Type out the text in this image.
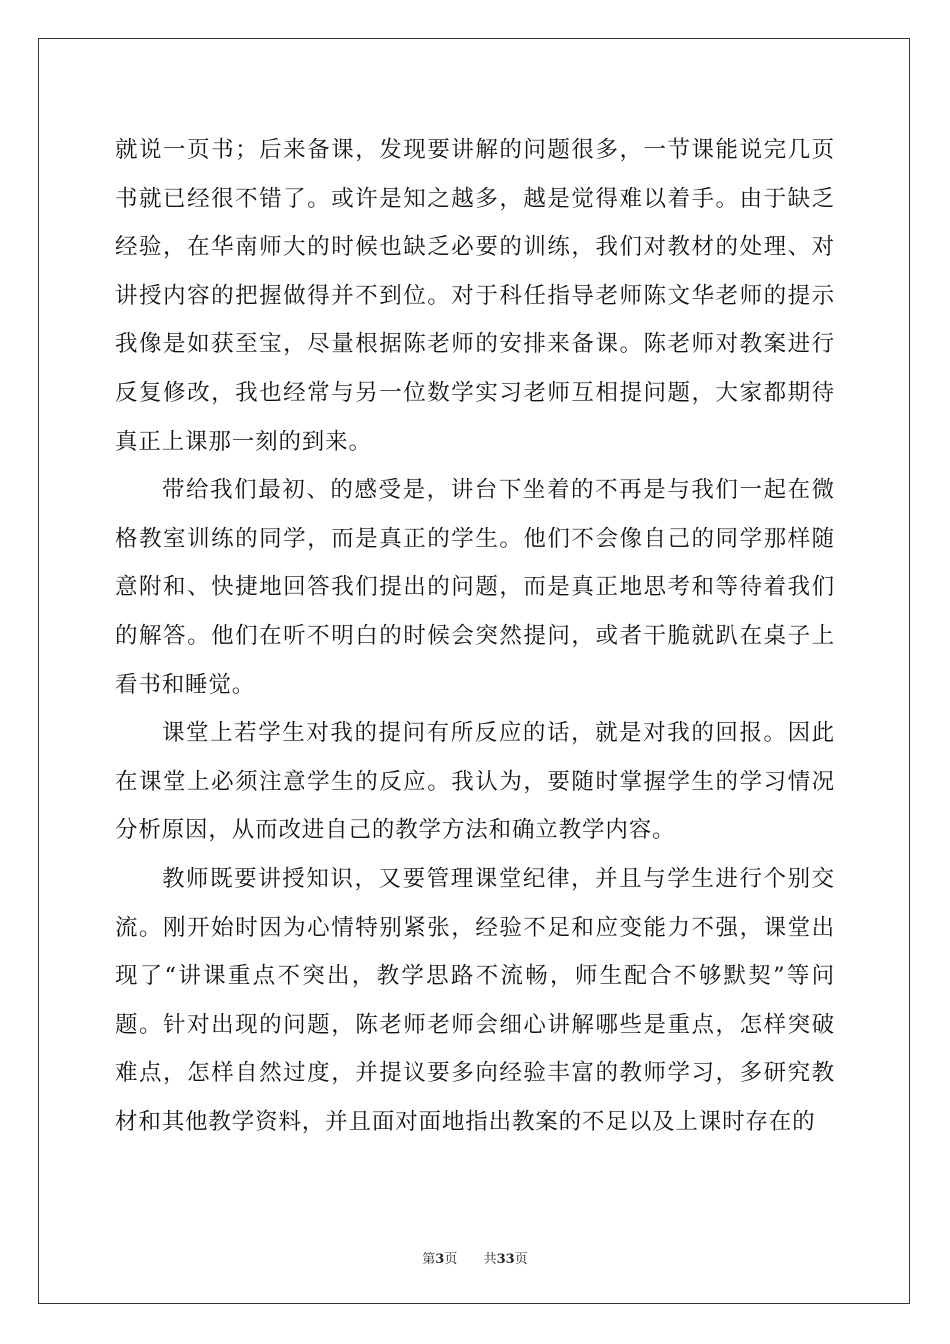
就说一页书；后来备课，发现要讲解的问题很多，一节课能说完几页书就已经很不错了。或许是知之越多，越是觉得难以着手。由于缺乏经验，在华南师大的时候也缺乏必要的训练，我们对教材的处理、对讲授内容的把握做得并不到位。对于科任指导老师陈文华老师的提示我像是如获至宝，尽量根据陈老师的安排来备课。陈老师对教案进行反复修改，我也经常与另一位数学实习老师互相提问题，大家都期待真正上课那一刻的到来。

带给我们最初、的感受是，讲台下坐着的不再是与我们一起在微格教室训练的同学，而是真正的学生。他们不会像自己的同学那样随意附和、快捷地回答我们提出的问题，而是真正地思考和等待着我们的解答。他们在听不明白的时候会突然提问，或者干脆就趴在桌子上看书和睡觉。

课堂上若学生对我的提问有所反应的话，就是对我的回报。因此在课堂上必须注意学生的反应。我认为，要随时掌握学生的学习情况分析原因，从而改进自己的教学方法和确立教学内容。

教师既要讲授知识，又要管理课堂纪律，并且与学生进行个别交流。刚开始时因为心情特别紧张，经验不足和应变能力不强，课堂出现了“讲课重点不突出，教学思路不流畅，师生配合不够默契”等问题。针对出现的问题，陈老师老师会细心讲解哪些是重点，怎样突破难点，怎样自然过度，并提议要多向经验丰富的教师学习，多研究教材和其他教学资料，并且面对面地指出教案的不足以及上课时存在的

第3页 共33页
